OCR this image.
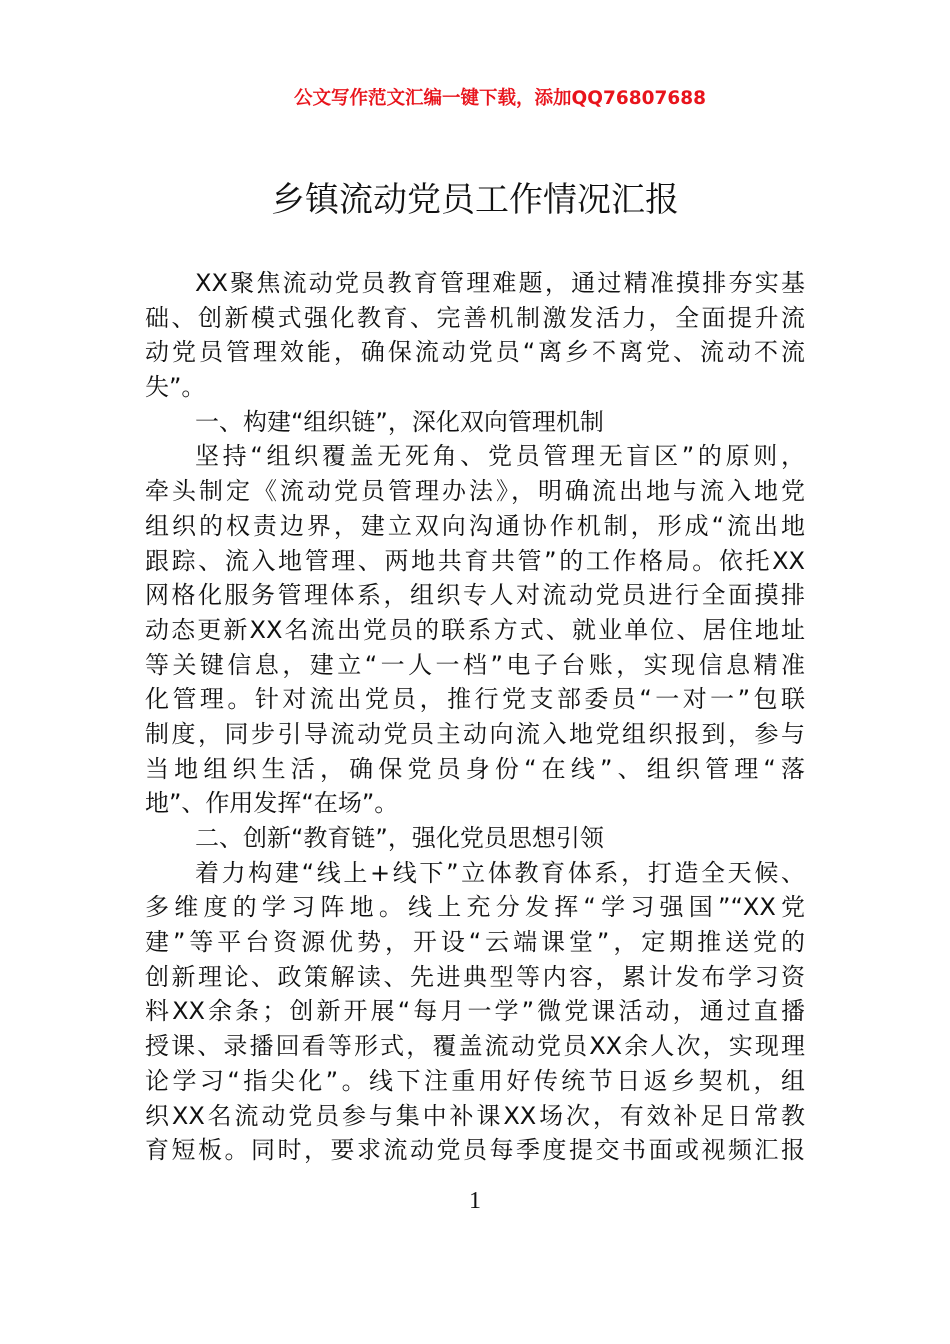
公文写作范文汇编一键下载，添加QQ76807688
乡镇流动党员工作情况汇报
XX聚焦流动党员教育管理难题，通过精准摸排夯实基
础、创新模式强化教育、完善机制激发活力，全面提升流
动党员管理效能，确保流动党员“离乡不离党、流动不流
失”。
一、构建“组织链”，深化双向管理机制
坚持“组织覆盖无死角、党员管理无盲区”的原则，
牵头制定《流动党员管理办法》，明确流出地与流入地党
组织的权责边界，建立双向沟通协作机制，形成“流出地
跟踪、流入地管理、两地共育共管”的工作格局。依托XX
网格化服务管理体系，组织专人对流动党员进行全面摸排
动态更新XX名流出党员的联系方式、就业单位、居住地址
等关键信息，建立“一人一档”电子台账，实现信息精准
化管理。针对流出党员，推行党支部委员“一对一”包联
制度，同步引导流动党员主动向流入地党组织报到，参与
当地组织生活，确保党员身份“在线”、组织管理“落
地”、作用发挥“在场”。
二、创新“教育链”，强化党员思想引领
着力构建“线上+线下”立体教育体系，打造全天候、
多维度的学习阵地。线上充分发挥“学习强国”“XX党
建”等平台资源优势，开设“云端课堂”，定期推送党的
创新理论、政策解读、先进典型等内容，累计发布学习资
料XX余条；创新开展“每月一学”微党课活动，通过直播
授课、录播回看等形式，覆盖流动党员XX余人次，实现理
论学习“指尖化”。线下注重用好传统节日返乡契机，组
织XX名流动党员参与集中补课XX场次，有效补足日常教
育短板。同时，要求流动党员每季度提交书面或视频汇报
1
